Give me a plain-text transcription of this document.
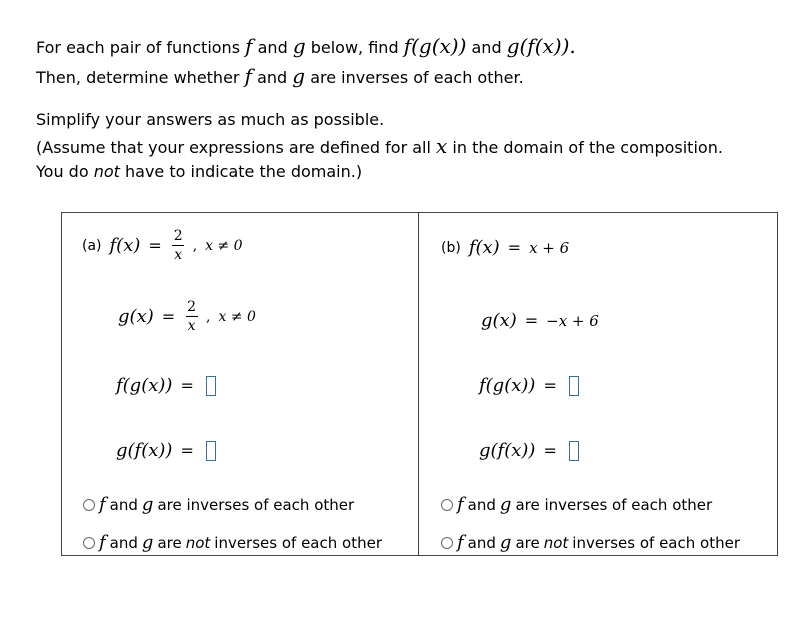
For each pair of functions f and g below, find f(g(x)) and g(f(x)).
Then, determine whether f and g are inverses of each other.
Simplify your answers as much as possible.
(Assume that your expressions are defined for all x in the domain of the composition.
You do not have to indicate the domain.)
(a) $f(x) = \frac{2}{x}$ , x ≠ 0
$g(x) = \frac{2}{x}$ , x ≠ 0
f(g(x)) =
g(f(x)) =
f and g are inverses of each other
f and g are not inverses of each other
(b) f(x) = x + 6
g(x) = −x + 6
f(g(x)) =
g(f(x)) =
f and g are inverses of each other
f and g are not inverses of each other
